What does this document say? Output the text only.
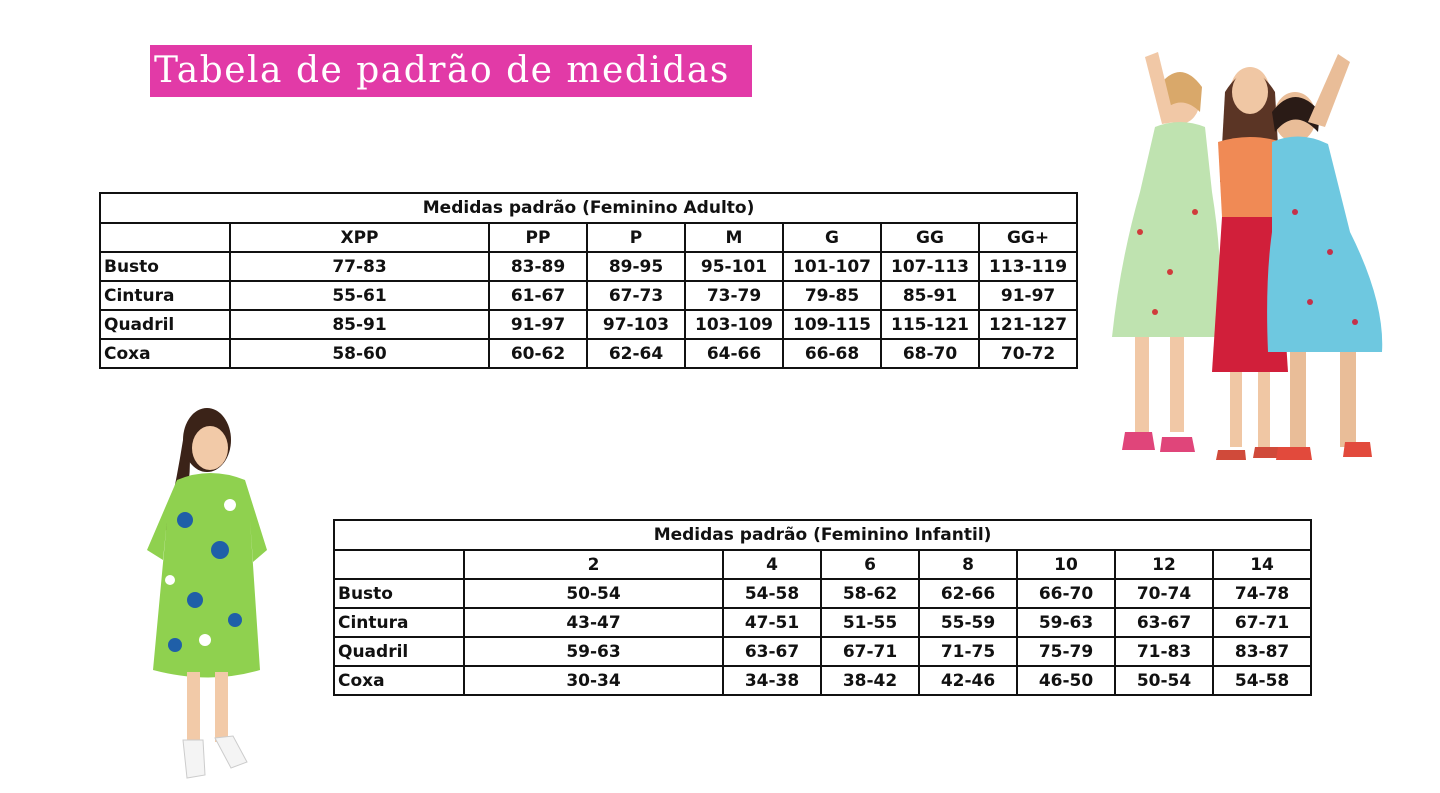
Tabela de padrão de medidas
Medidas padrão (Feminino Adulto)							
	XPP	PP	P	M	G	GG	GG+
Busto	77-83	83-89	89-95	95-101	101-107	107-113	113-119
Cintura	55-61	61-67	67-73	73-79	79-85	85-91	91-97
Quadril	85-91	91-97	97-103	103-109	109-115	115-121	121-127
Coxa	58-60	60-62	62-64	64-66	66-68	68-70	70-72
Medidas padrão (Feminino Infantil)							
	2	4	6	8	10	12	14
Busto	50-54	54-58	58-62	62-66	66-70	70-74	74-78
Cintura	43-47	47-51	51-55	55-59	59-63	63-67	67-71
Quadril	59-63	63-67	67-71	71-75	75-79	71-83	83-87
Coxa	30-34	34-38	38-42	42-46	46-50	50-54	54-58
